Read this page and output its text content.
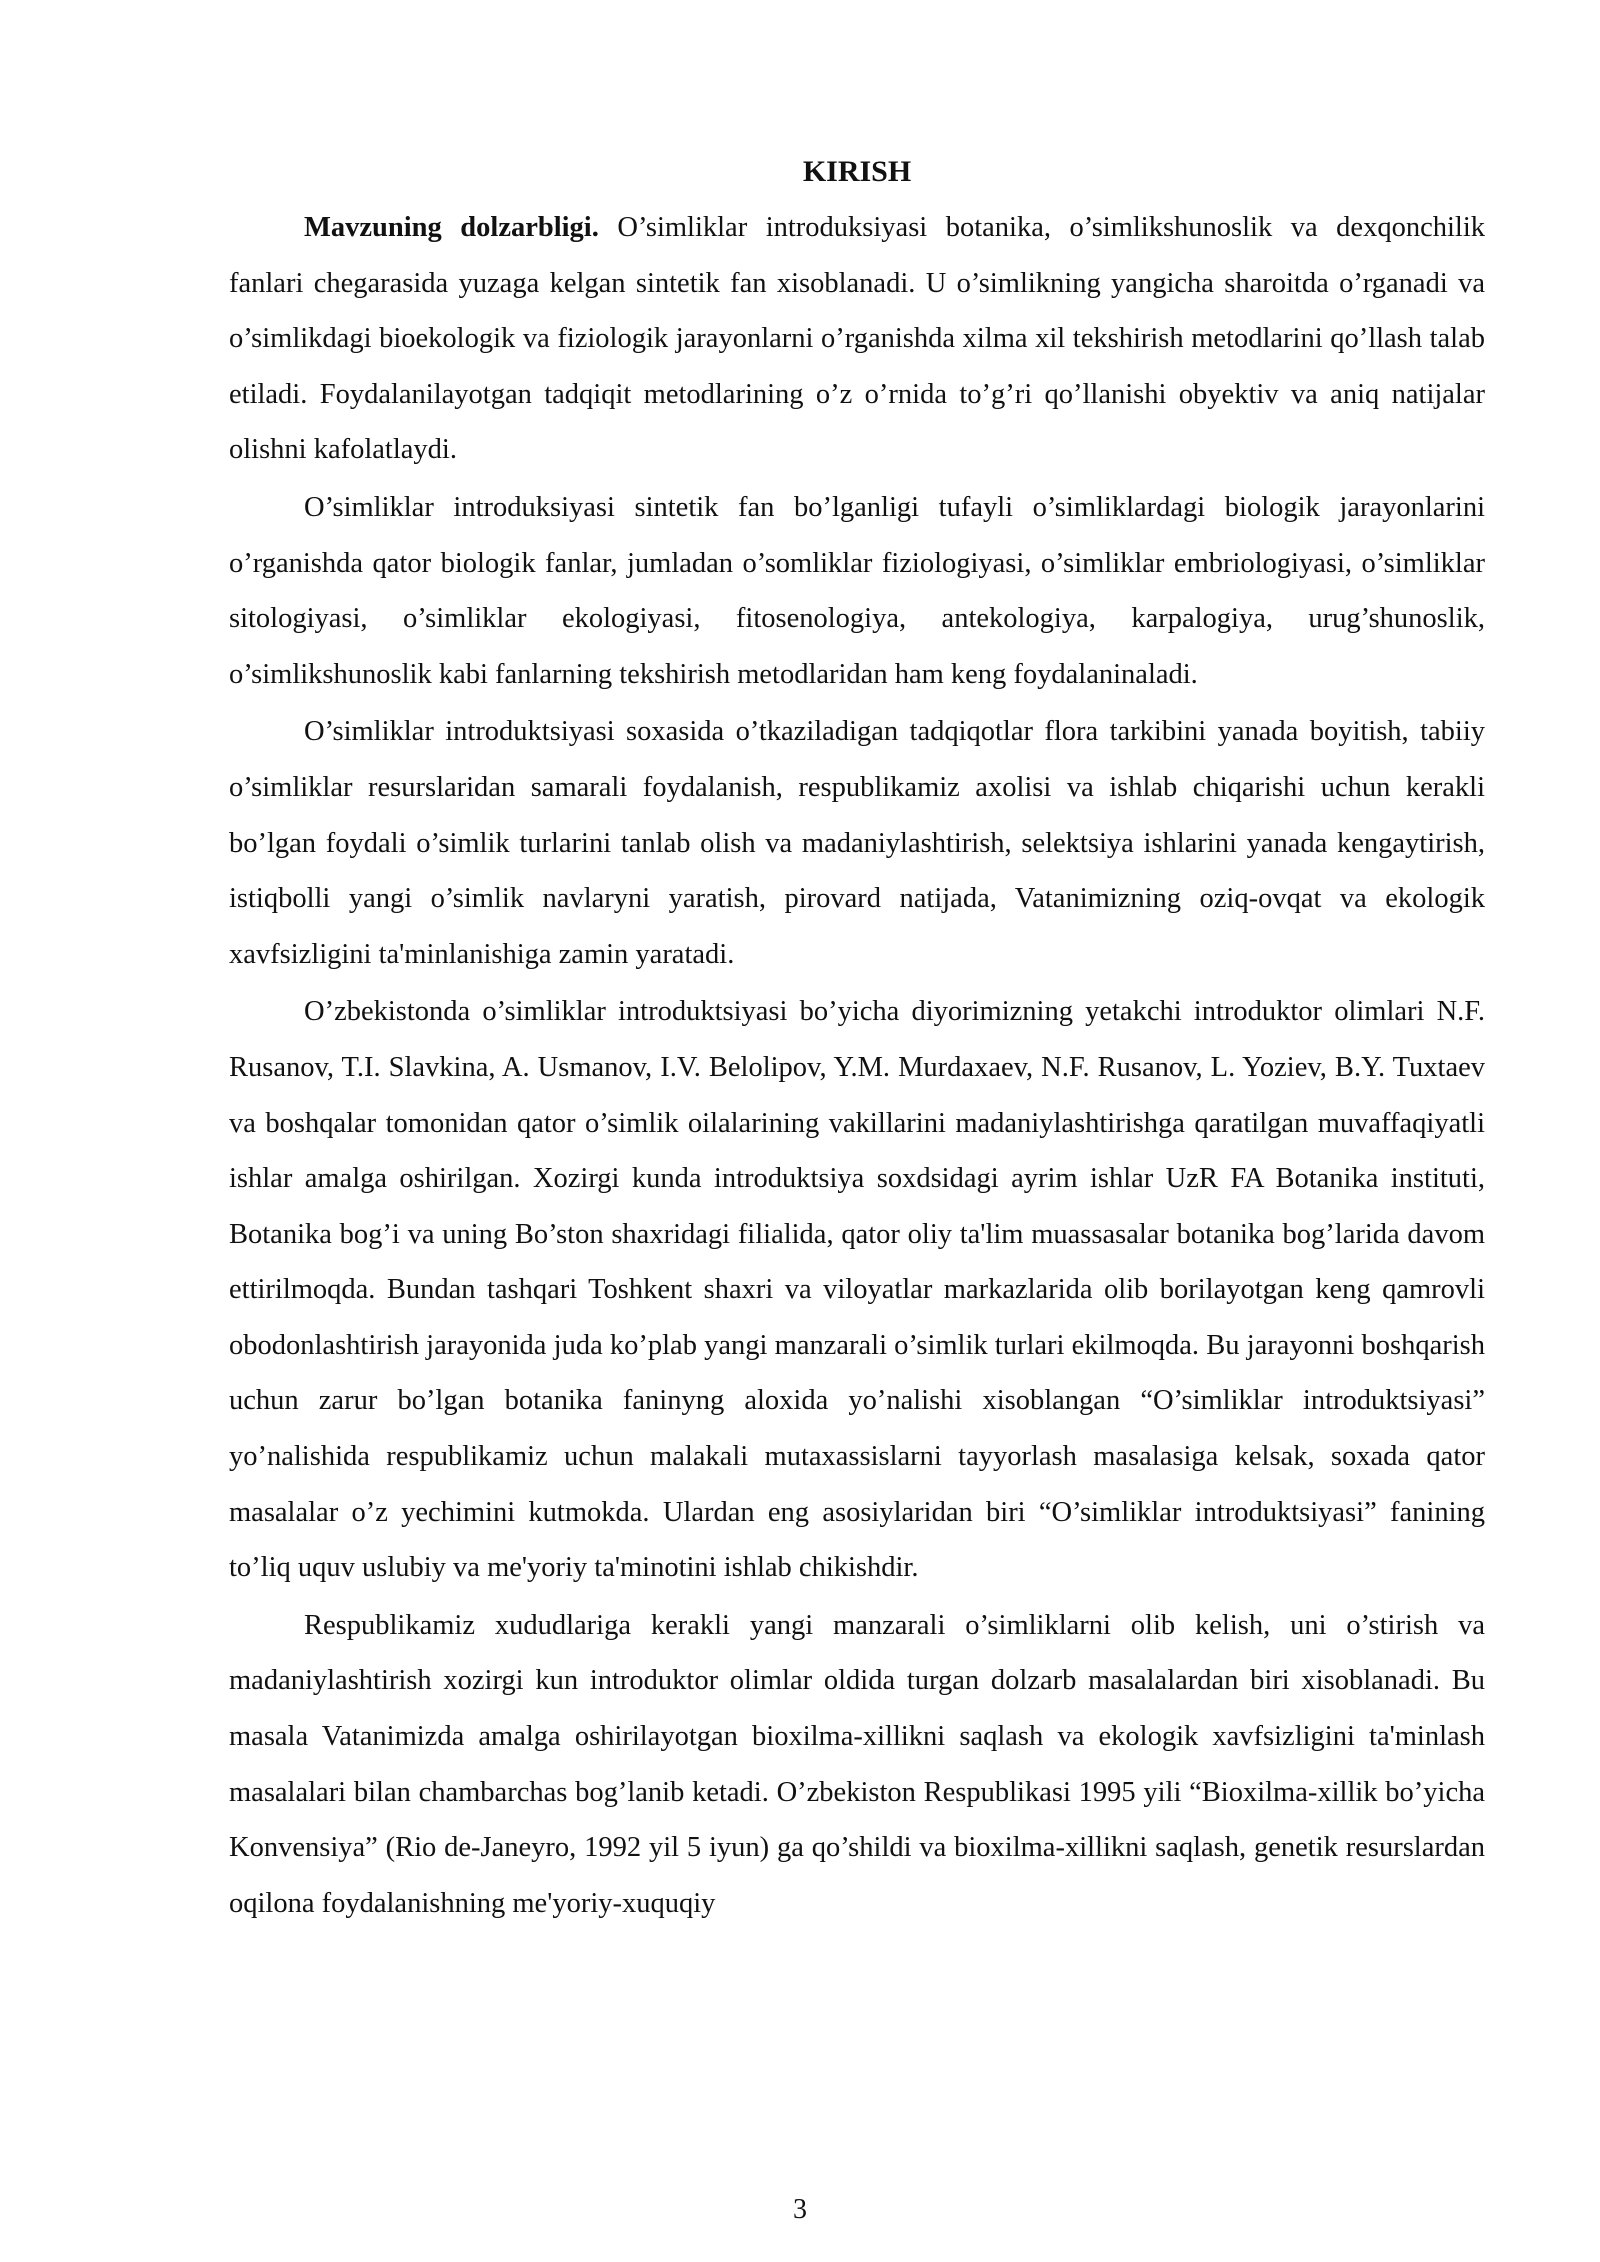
KIRISH

Mavzuning dolzarbligi. O’simliklar introduksiyasi botanika, o’simlikshunoslik va dexqonchilik fanlari chegarasida yuzaga kelgan sintetik fan xisoblanadi. U o’simlikning yangicha sharoitda o’rganadi va o’simlikdagi bioekologik va fiziologik jarayonlarni o’rganishda xilma xil tekshirish metodlarini qo’llash talab etiladi. Foydalanilayotgan tadqiqit metodlarining o’z o’rnida to’g’ri qo’llanishi obyektiv va aniq natijalar olishni kafolatlaydi.

O’simliklar introduksiyasi sintetik fan bo’lganligi tufayli o’simliklardagi biologik jarayonlarini o’rganishda qator biologik fanlar, jumladan o’somliklar fiziologiyasi, o’simliklar embriologiyasi, o’simliklar sitologiyasi, o’simliklar ekologiyasi, fitosenologiya, antekologiya, karpalogiya, urug’shunoslik, o’simlikshunoslik kabi fanlarning tekshirish metodlaridan ham keng foydalaninaladi.

O’simliklar introduktsiyasi soxasida o’tkaziladigan tadqiqotlar flora tarkibini yanada boyitish, tabiiy o’simliklar resurslaridan samarali foydalanish, respublikamiz axolisi va ishlab chiqarishi uchun kerakli bo’lgan foydali o’simlik turlarini tanlab olish va madaniylashtirish, selektsiya ishlarini yanada kengaytirish, istiqbolli yangi o’simlik navlaryni yaratish, pirovard natijada, Vatanimizning oziq-ovqat va ekologik xavfsizligini ta'minlanishiga zamin yaratadi.

O’zbekistonda o’simliklar introduktsiyasi bo’yicha diyorimizning yetakchi introduktor olimlari N.F. Rusanov, T.I. Slavkina, A. Usmanov, I.V. Belolipov, Y.M. Murdaxaev, N.F. Rusanov, L. Yoziev, B.Y. Tuxtaev va boshqalar tomonidan qator o’simlik oilalarining vakillarini madaniylashtirishga qaratilgan muvaffaqiyatli ishlar amalga oshirilgan. Xozirgi kunda introduktsiya soxdsidagi ayrim ishlar UzR FA Botanika instituti, Botanika bog’i va uning Bo’ston shaxridagi filialida, qator oliy ta'lim muassasalar botanika bog’larida davom ettirilmoqda. Bundan tashqari Toshkent shaxri va viloyatlar markazlarida olib borilayotgan keng qamrovli obodonlashtirish jarayonida juda ko’plab yangi manzarali o’simlik turlari ekilmoqda. Bu jarayonni boshqarish uchun zarur bo’lgan botanika faninyng aloxida yo’nalishi xisoblangan “O’simliklar introduktsiyasi” yo’nalishida respublikamiz uchun malakali mutaxassislarni tayyorlash masalasiga kelsak, soxada qator masalalar o’z yechimini kutmokda. Ulardan eng asosiylaridan biri “O’simliklar introduktsiyasi” fanining to’liq uquv uslubiy va me'yoriy ta'minotini ishlab chikishdir.

Respublikamiz xududlariga kerakli yangi manzarali o’simliklarni olib kelish, uni o’stirish va madaniylashtirish xozirgi kun introduktor olimlar oldida turgan dolzarb masalalardan biri xisoblanadi. Bu masala Vatanimizda amalga oshirilayotgan bioxilma-xillikni saqlash va ekologik xavfsizligini ta'minlash masalalari bilan chambarchas bog’lanib ketadi. O’zbekiston Respublikasi 1995 yili “Bioxilma-xillik bo’yicha Konvensiya” (Rio de-Janeyro, 1992 yil 5 iyun) ga qo’shildi va bioxilma-xillikni saqlash, genetik resurslardan oqilona foydalanishning me'yoriy-xuquqiy

3
